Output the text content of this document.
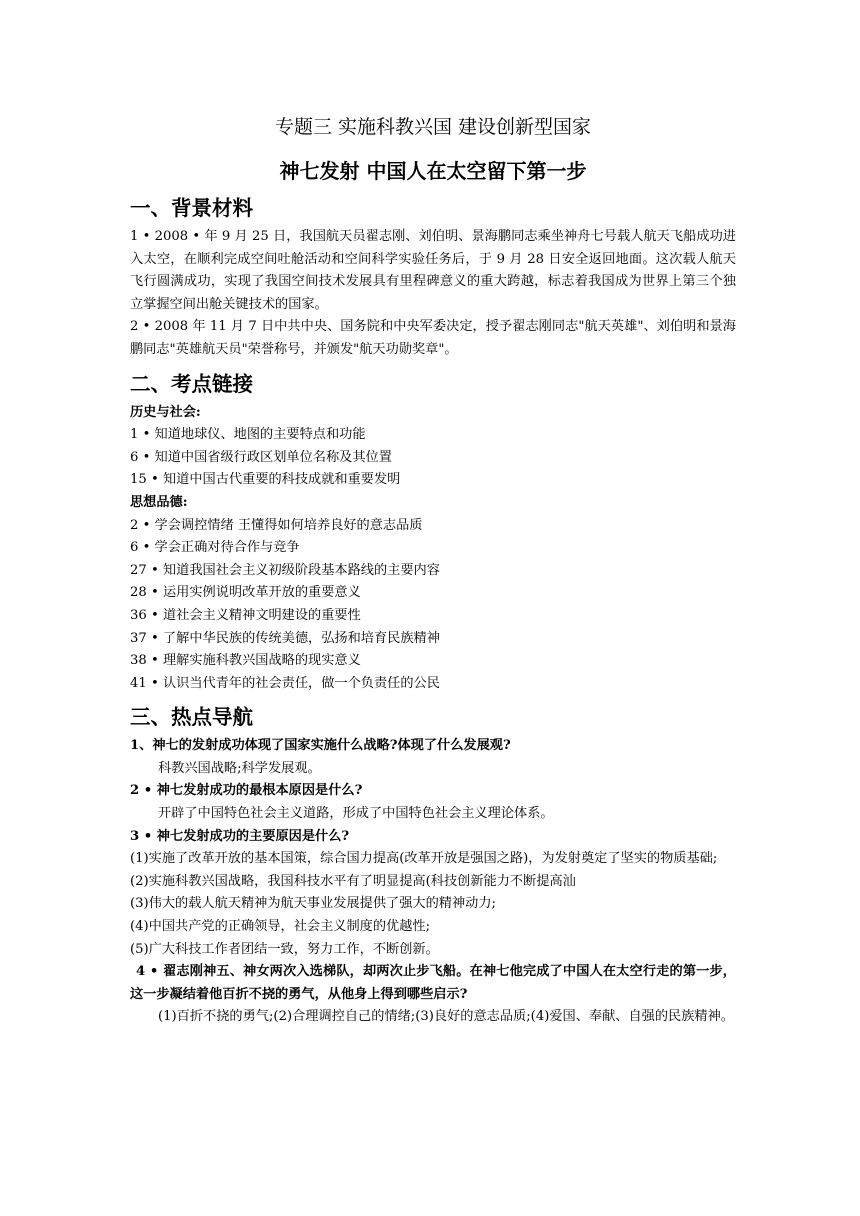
专题三 实施科教兴国 建设创新型国家

神七发射 中国人在太空留下第一步

一、背景材料

1 • 2008 • 年 9 月 25 日，我国航天员翟志刚、刘伯明、景海鹏同志乘坐神舟七号载人航天飞船成功进入太空，在顺利完成空间吐舱活动和空间科学实验任务后，于 9 月 28 日安全返回地面。这次载人航天飞行圆满成功，实现了我国空间技术发展具有里程碑意义的重大跨越，标志着我国成为世界上第三个独立掌握空间出舱关键技术的国家。

2 • 2008 年 11 月 7 日中共中央、国务院和中央军委决定，授予翟志刚同志"航天英雄"、刘伯明和景海鹏同志"英雄航天员"荣誉称号，并颁发"航天功勋奖章"。

二、考点链接

历史与社会:

1 • 知道地球仪、地图的主要特点和功能

6 • 知道中国省级行政区划单位名称及其位置

15 • 知道中国古代重要的科技成就和重要发明

思想品德:

2 • 学会调控情绪 王懂得如何培养良好的意志品质

6 • 学会正确对待合作与竞争

27 • 知道我国社会主义初级阶段基本路线的主要内容

28 • 运用实例说明改革开放的重要意义

36 • 道社会主义精神文明建设的重要性

37 • 了解中华民族的传统美德，弘扬和培育民族精神

38 • 理解实施科教兴国战略的现实意义

41 • 认识当代青年的社会责任，做一个负责任的公民

三、热点导航

1、神七的发射成功体现了国家实施什么战略?体现了什么发展观?

科教兴国战略;科学发展观。

2 • 神七发射成功的最根本原因是什么?

开辟了中国特色社会主义道路，形成了中国特色社会主义理论体系。

3 • 神七发射成功的主要原因是什么?

(1)实施了改革开放的基本国策，综合国力提高(改革开放是强国之路)，为发射奠定了坚实的物质基础;

(2)实施科教兴国战略，我国科技水平有了明显提高(科技创新能力不断提高汕

(3)伟大的载人航天精神为航天事业发展提供了强大的精神动力;

(4)中国共产党的正确领导，社会主义制度的优越性;

(5)广大科技工作者团结一致，努力工作，不断创新。

4 • 翟志刚神五、神女两次入选梯队，却两次止步飞船。在神七他完成了中国人在太空行走的第一步，这一步凝结着他百折不挠的勇气，从他身上得到哪些启示?

(1)百折不挠的勇气;(2)合理调控自己的情绪;(3)良好的意志品质;(4)爱国、奉献、自强的民族精神。
